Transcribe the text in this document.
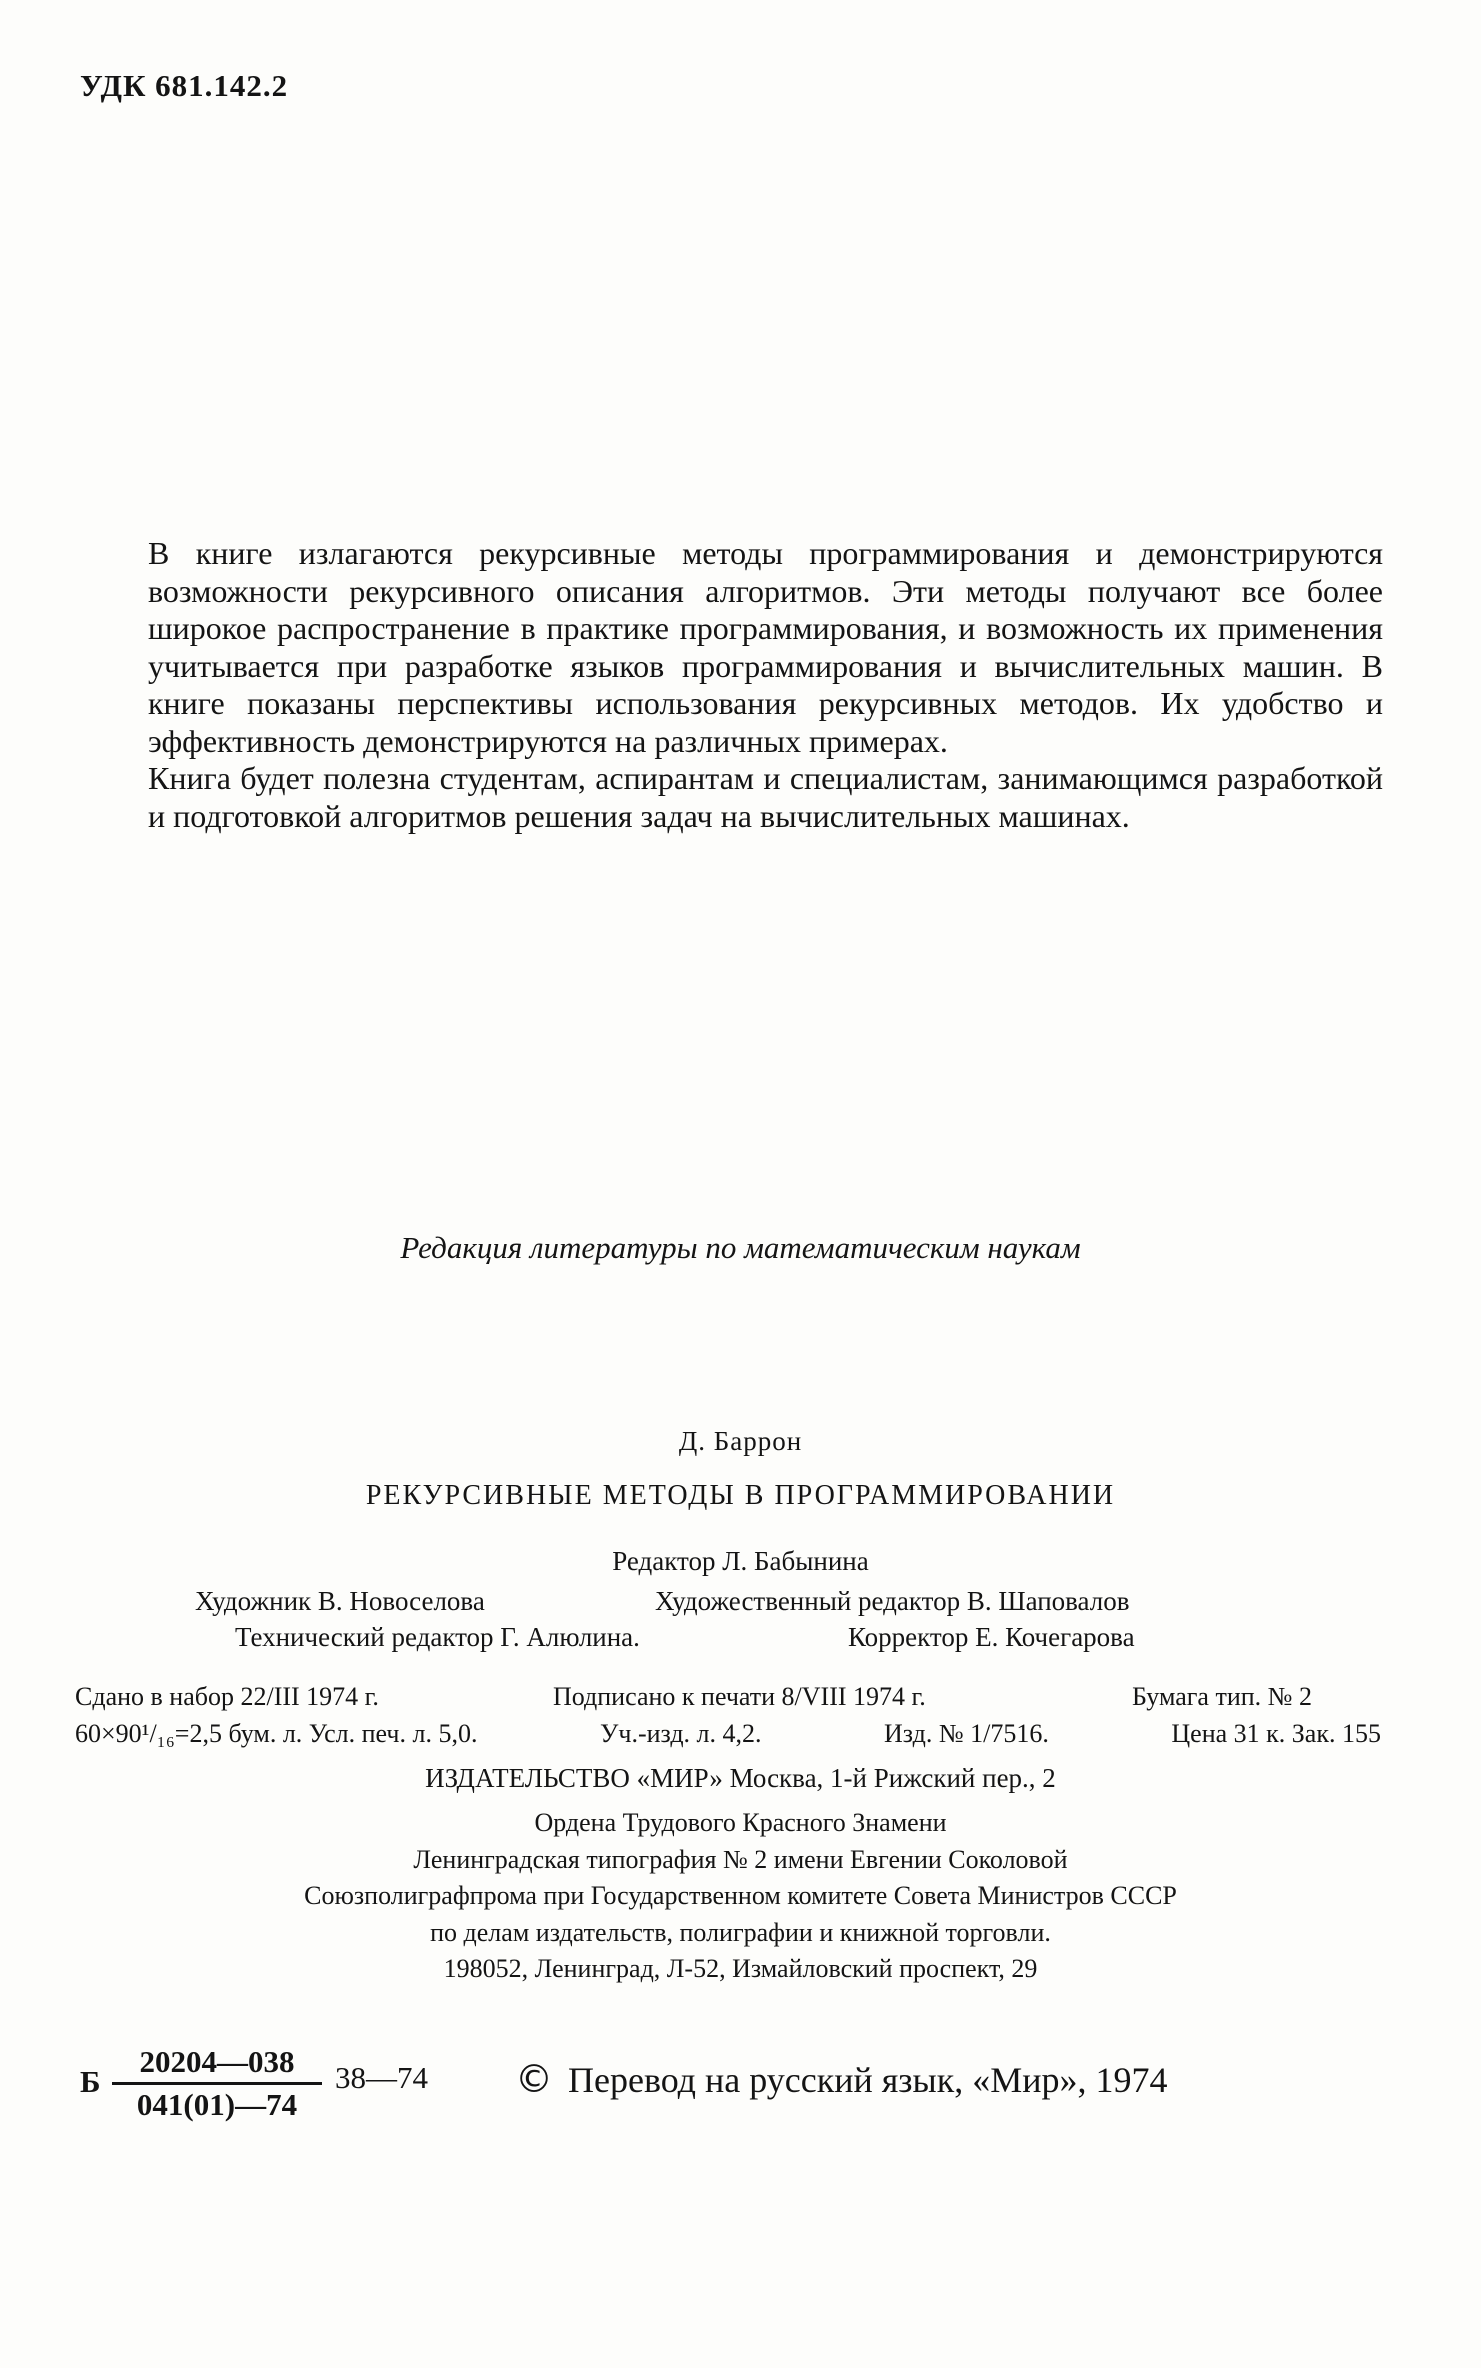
УДК 681.142.2

В книге излагаются рекурсивные методы программирования и демонстрируются возможности рекурсивного описания алгоритмов. Эти методы получают все более широкое распространение в практике программирования, и возможность их применения учитывается при разработке языков программирования и вычислительных машин. В книге показаны перспективы использования рекурсивных методов. Их удобство и эффективность демонстрируются на различных примерах.

Книга будет полезна студентам, аспирантам и специалистам, занимающимся разработкой и подготовкой алгоритмов решения задач на вычислительных машинах.

Редакция литературы по математическим наукам
Д. Баррон
РЕКУРСИВНЫЕ МЕТОДЫ В ПРОГРАММИРОВАНИИ
Редактор Л. Бабынина
Художник В. Новоселова	Художественный редактор В. Шаповалов
Технический редактор Г. Алюлина.	Корректор Е. Кочегарова
Сдано в набор 22/III 1974 г.	Подписано к печати 8/VIII 1974 г.	Бумага тип. № 2
60×90¹/₁₆=2,5 бум. л. Усл. печ. л. 5,0.	Уч.-изд. л. 4,2.	Изд. № 1/7516.	Цена 31 к. Зак. 155
ИЗДАТЕЛЬСТВО «МИР» Москва, 1-й Рижский пер., 2
Ордена Трудового Красного Знамени
Ленинградская типография № 2 имени Евгении Соколовой
Союзполиграфпрома при Государственном комитете Совета Министров СССР
по делам издательств, полиграфии и книжной торговли.
198052, Ленинград, Л-52, Измайловский проспект, 29
Б
20204—038
041(01)—74
38—74 © Перевод на русский язык, «Мир», 1974
